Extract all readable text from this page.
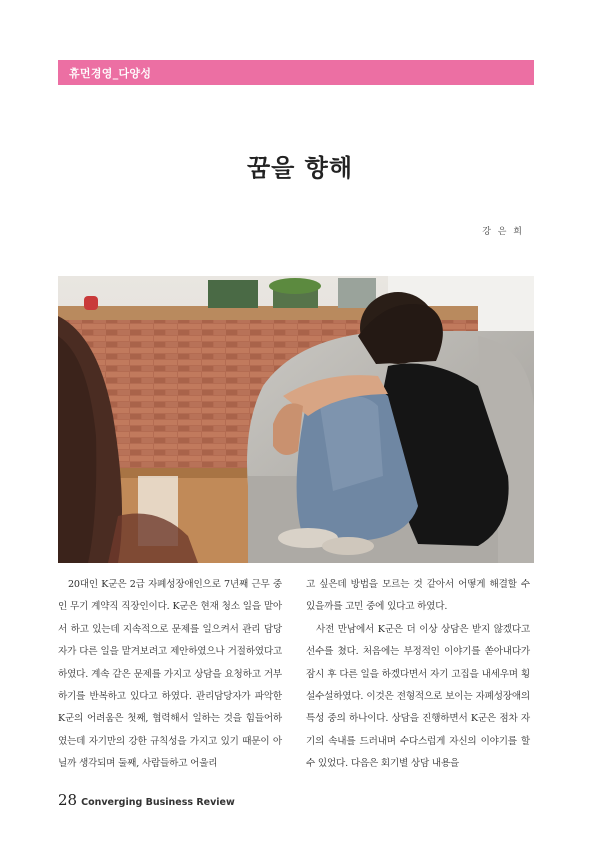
휴먼경영_다양성
꿈을 향해
강 은 희

20대인 K군은 2급 자폐성장애인으로 7년째 근무 중인 무기 계약직 직장인이다. K군은 현재 청소 일을 맡아서 하고 있는데 지속적으로 문제를 일으켜서 관리 담당자가 다른 일을 맡겨보려고 제안하였으나 거절하였다고 하였다. 계속 같은 문제를 가지고 상담을 요청하고 거부하기를 반복하고 있다고 하였다. 관리담당자가 파악한 K군의 어려움은 첫째, 협력해서 일하는 것을 힘들어하였는데 자기만의 강한 규칙성을 가지고 있기 때문이 아닐까 생각되며 둘째, 사람들하고 어울리

고 싶은데 방법을 모르는 것 같아서 어떻게 해결할 수 있을까를 고민 중에 있다고 하였다.

사전 만남에서 K군은 더 이상 상담은 받지 않겠다고 선수를 쳤다. 처음에는 부정적인 이야기를 쏟아내다가 잠시 후 다른 일을 하겠다면서 자기 고집을 내세우며 횡설수설하였다. 이것은 전형적으로 보이는 자폐성장애의 특성 중의 하나이다. 상담을 진행하면서 K군은 점차 자기의 속내를 드러내며 수다스럽게 자신의 이야기를 할 수 있었다. 다음은 회기별 상담 내용을

28 Converging Business Review
